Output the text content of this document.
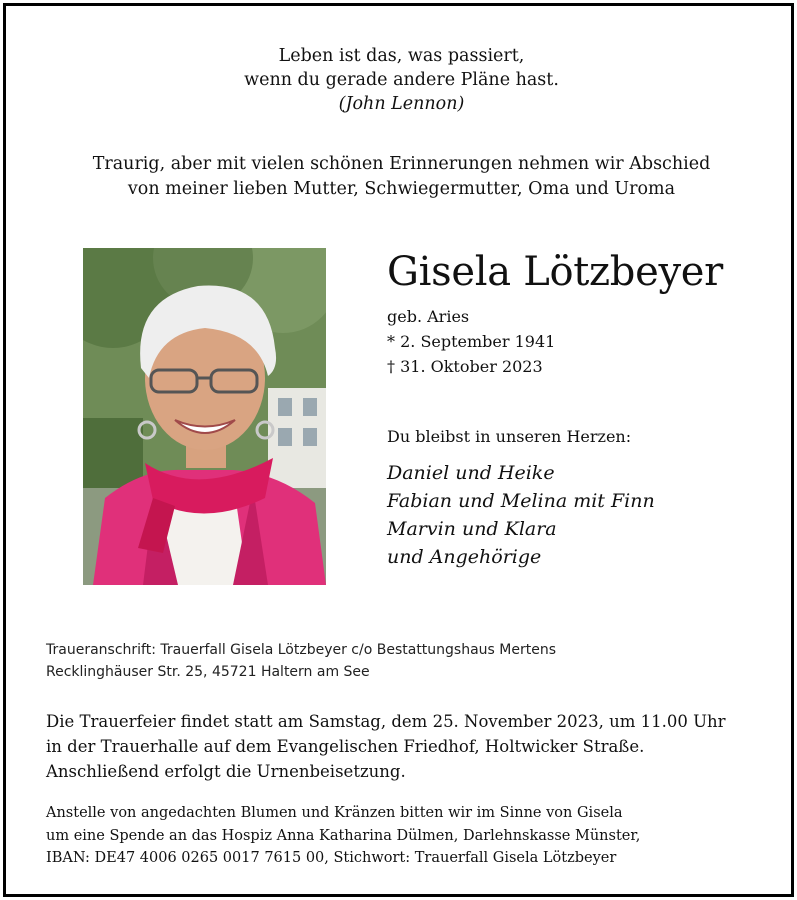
Leben ist das, was passiert,
wenn du gerade andere Pläne hast.
(John Lennon)
Traurig, aber mit vielen schönen Erinnerungen nehmen wir Abschied
von meiner lieben Mutter, Schwiegermutter, Oma und Uroma
Gisela Lötzbeyer
geb. Aries
* 2. September 1941
† 31. Oktober 2023
Du bleibst in unseren Herzen:
Daniel und Heike
Fabian und Melina mit Finn
Marvin und Klara
und Angehörige
Traueranschrift: Trauerfall Gisela Lötzbeyer c/o Bestattungshaus Mertens
Recklinghäuser Str. 25, 45721 Haltern am See
Die Trauerfeier findet statt am Samstag, dem 25. November 2023, um 11.00 Uhr
in der Trauerhalle auf dem Evangelischen Friedhof, Holtwicker Straße.
Anschließend erfolgt die Urnenbeisetzung.
Anstelle von angedachten Blumen und Kränzen bitten wir im Sinne von Gisela
um eine Spende an das Hospiz Anna Katharina Dülmen, Darlehnskasse Münster,
IBAN: DE47 4006 0265 0017 7615 00, Stichwort: Trauerfall Gisela Lötzbeyer
